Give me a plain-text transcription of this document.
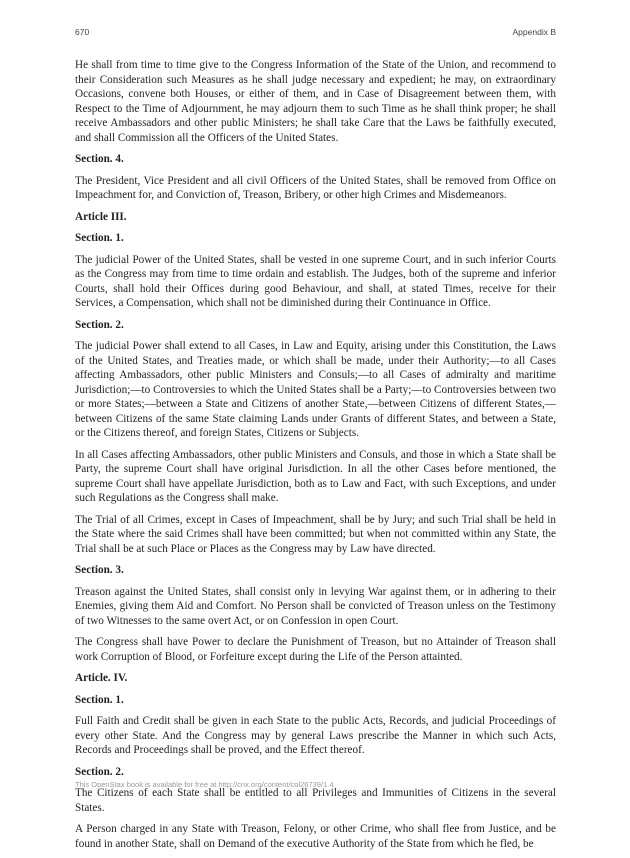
670	Appendix B

He shall from time to time give to the Congress Information of the State of the Union, and recommend to their Consideration such Measures as he shall judge necessary and expedient; he may, on extraordinary Occasions, convene both Houses, or either of them, and in Case of Disagreement between them, with Respect to the Time of Adjournment, he may adjourn them to such Time as he shall think proper; he shall receive Ambassadors and other public Ministers; he shall take Care that the Laws be faithfully executed, and shall Commission all the Officers of the United States.

Section. 4.

The President, Vice President and all civil Officers of the United States, shall be removed from Office on Impeachment for, and Conviction of, Treason, Bribery, or other high Crimes and Misdemeanors.

Article III.
Section. 1.

The judicial Power of the United States, shall be vested in one supreme Court, and in such inferior Courts as the Congress may from time to time ordain and establish. The Judges, both of the supreme and inferior Courts, shall hold their Offices during good Behaviour, and shall, at stated Times, receive for their Services, a Compensation, which shall not be diminished during their Continuance in Office.

Section. 2.

The judicial Power shall extend to all Cases, in Law and Equity, arising under this Constitution, the Laws of the United States, and Treaties made, or which shall be made, under their Authority;—to all Cases affecting Ambassadors, other public Ministers and Consuls;—to all Cases of admiralty and maritime Jurisdiction;—to Controversies to which the United States shall be a Party;—to Controversies between two or more States;—between a State and Citizens of another State,—between Citizens of different States,—between Citizens of the same State claiming Lands under Grants of different States, and between a State, or the Citizens thereof, and foreign States, Citizens or Subjects.

In all Cases affecting Ambassadors, other public Ministers and Consuls, and those in which a State shall be Party, the supreme Court shall have original Jurisdiction. In all the other Cases before mentioned, the supreme Court shall have appellate Jurisdiction, both as to Law and Fact, with such Exceptions, and under such Regulations as the Congress shall make.

The Trial of all Crimes, except in Cases of Impeachment, shall be by Jury; and such Trial shall be held in the State where the said Crimes shall have been committed; but when not committed within any State, the Trial shall be at such Place or Places as the Congress may by Law have directed.

Section. 3.

Treason against the United States, shall consist only in levying War against them, or in adhering to their Enemies, giving them Aid and Comfort. No Person shall be convicted of Treason unless on the Testimony of two Witnesses to the same overt Act, or on Confession in open Court.

The Congress shall have Power to declare the Punishment of Treason, but no Attainder of Treason shall work Corruption of Blood, or Forfeiture except during the Life of the Person attainted.

Article. IV.
Section. 1.

Full Faith and Credit shall be given in each State to the public Acts, Records, and judicial Proceedings of every other State. And the Congress may by general Laws prescribe the Manner in which such Acts, Records and Proceedings shall be proved, and the Effect thereof.

Section. 2.

The Citizens of each State shall be entitled to all Privileges and Immunities of Citizens in the several States.

A Person charged in any State with Treason, Felony, or other Crime, who shall flee from Justice, and be found in another State, shall on Demand of the executive Authority of the State from which he fled, be

This OpenStax book is available for free at http://cnx.org/content/col26739/1.4
